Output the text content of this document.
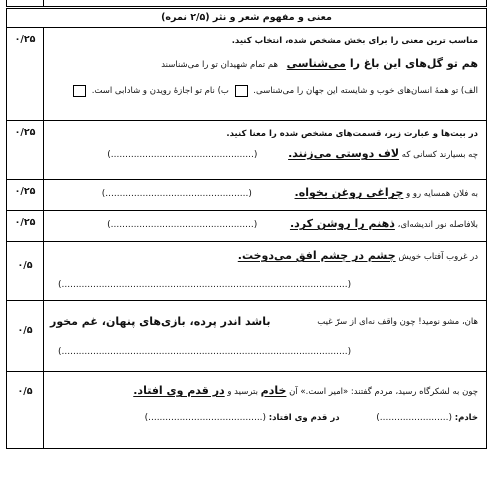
معنی و مفهوم شعر و نثر (۲/۵ نمره)
۰/۲۵	مناسب ترین معنی را برای بخش مشخص شده، انتخاب کنید.
هم تو گل‌های این باغ را می‌شناسی هم تمام شهیدان تو را می‌شناسند
الف) تو همهٔ انسان‌های خوب و شایسته این جهان را می‌شناسی.  ب) نام تو اجازهٔ رویدن و شادابی است.
۰/۲۵	در بیت‌ها و عبارت زیر، قسمت‌های مشخص شده را معنا کنید.
چه بسیارند کسانی که لاف دوستی می‌زنند. (..................................................)
۰/۲۵	به فلان همسایه رو و چراغی روغن بخواه. (..................................................)
۰/۲۵	بلافاصله نور اندیشه‌ای، ذهنم را روشن کرد. (..................................................)
۰/۵
در غروب آفتاب خویش چشم در چشم افق می‌دوخت.
(....................................................................................................)
۰/۵
هان، مشو نومید! چون واقف نه‌ای از سرّ غیب
باشد اندر پرده، بازی‌های پنهان، غم مخور
(....................................................................................................)
۰/۵	چون به لشکرگاه رسید، مردم گفتند: «امیر است.» آن خادم بترسید و در قدم وی افتاد.
خادم: (........................) در قدم وی افتاد: (........................................)
